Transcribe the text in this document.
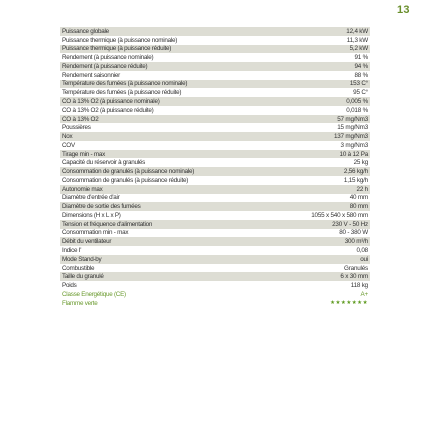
13
Puissance globale	12,4 kW
Puissance thermique (à puissance nominale)	11,3 kW
Puissance thermique (à puissance réduite)	5,2 kW
Rendement (à puissance nominale)	91 %
Rendement (à puissance réduite)	94 %
Rendement saisonnier	88 %
Température des fumées (à puissance nominale)	153 C°
Température des fumées (à puissance réduite)	95 C°
CO à 13% O2 (à puissance nominale)	0,005 %
CO à 13% O2 (à puissance réduite)	0,018 %
CO à 13% O2	57 mg/Nm3
Poussières	15 mg/Nm3
Nox	137 mg/Nm3
COV	3 mg/Nm3
Tirage min - max	10 à 12 Pa
Capacité du réservoir à granulés	25 kg
Consommation de granulés (à puissance nominale)	2,56 kg/h
Consommation de granulés (à puissance réduite)	1,15 kg/h
Autonomie max	22 h
Diamètre d'entrée d'air	40 mm
Diamètre de sortie des fumées	80 mm
Dimensions (H x L x P)	1055 x 540 x 580 mm
Tension et fréquence d'alimentation	230 V - 50 Hz
Consommation min - max	80 - 380 W
Débit du ventilateur	300 m³/h
Indice I'	0,08
Mode Stand-by	oui
Combustible	Granulés
Taille du granulé	6 x 30 mm
Poids	118 kg
Classe Energétique (CE)	A+
Flamme verte	★★★★★★★
